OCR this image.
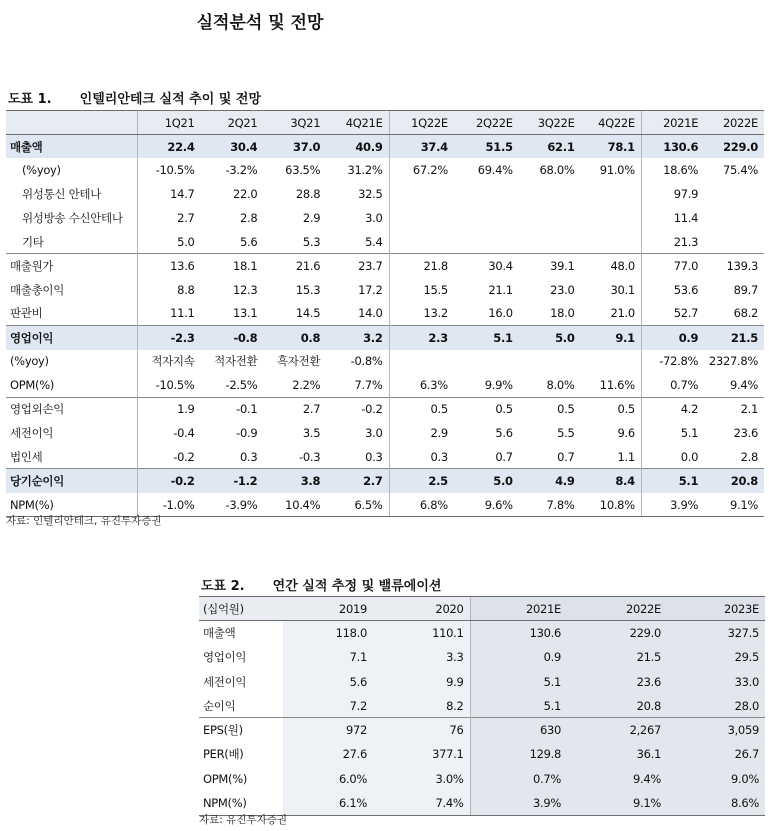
실적분석 및 전망
도표 1. 인텔리안테크 실적 추이 및 전망
	1Q21	2Q21	3Q21	4Q21E	1Q22E	2Q22E	3Q22E	4Q22E	2021E	2022E
매출액	22.4	30.4	37.0	40.9	37.4	51.5	62.1	78.1	130.6	229.0
(%yoy)	-10.5%	-3.2%	63.5%	31.2%	67.2%	69.4%	68.0%	91.0%	18.6%	75.4%
위성통신 안테나	14.7	22.0	28.8	32.5					97.9	
위성방송 수신안테나	2.7	2.8	2.9	3.0					11.4	
기타	5.0	5.6	5.3	5.4					21.3	
매출원가	13.6	18.1	21.6	23.7	21.8	30.4	39.1	48.0	77.0	139.3
매출총이익	8.8	12.3	15.3	17.2	15.5	21.1	23.0	30.1	53.6	89.7
판관비	11.1	13.1	14.5	14.0	13.2	16.0	18.0	21.0	52.7	68.2
영업이익	-2.3	-0.8	0.8	3.2	2.3	5.1	5.0	9.1	0.9	21.5
(%yoy)	적자지속	적자전환	흑자전환	-0.8%					-72.8%	2327.8%
OPM(%)	-10.5%	-2.5%	2.2%	7.7%	6.3%	9.9%	8.0%	11.6%	0.7%	9.4%
영업외손익	1.9	-0.1	2.7	-0.2	0.5	0.5	0.5	0.5	4.2	2.1
세전이익	-0.4	-0.9	3.5	3.0	2.9	5.6	5.5	9.6	5.1	23.6
법인세	-0.2	0.3	-0.3	0.3	0.3	0.7	0.7	1.1	0.0	2.8
당기순이익	-0.2	-1.2	3.8	2.7	2.5	5.0	4.9	8.4	5.1	20.8
NPM(%)	-1.0%	-3.9%	10.4%	6.5%	6.8%	9.6%	7.8%	10.8%	3.9%	9.1%
자료: 인텔리안테크, 유진투자증권
도표 2. 연간 실적 추정 및 밸류에이션
(십억원)	2019	2020	2021E	2022E	2023E
매출액	118.0	110.1	130.6	229.0	327.5
영업이익	7.1	3.3	0.9	21.5	29.5
세전이익	5.6	9.9	5.1	23.6	33.0
순이익	7.2	8.2	5.1	20.8	28.0
EPS(원)	972	76	630	2,267	3,059
PER(배)	27.6	377.1	129.8	36.1	26.7
OPM(%)	6.0%	3.0%	0.7%	9.4%	9.0%
NPM(%)	6.1%	7.4%	3.9%	9.1%	8.6%
자료: 유진투자증권
